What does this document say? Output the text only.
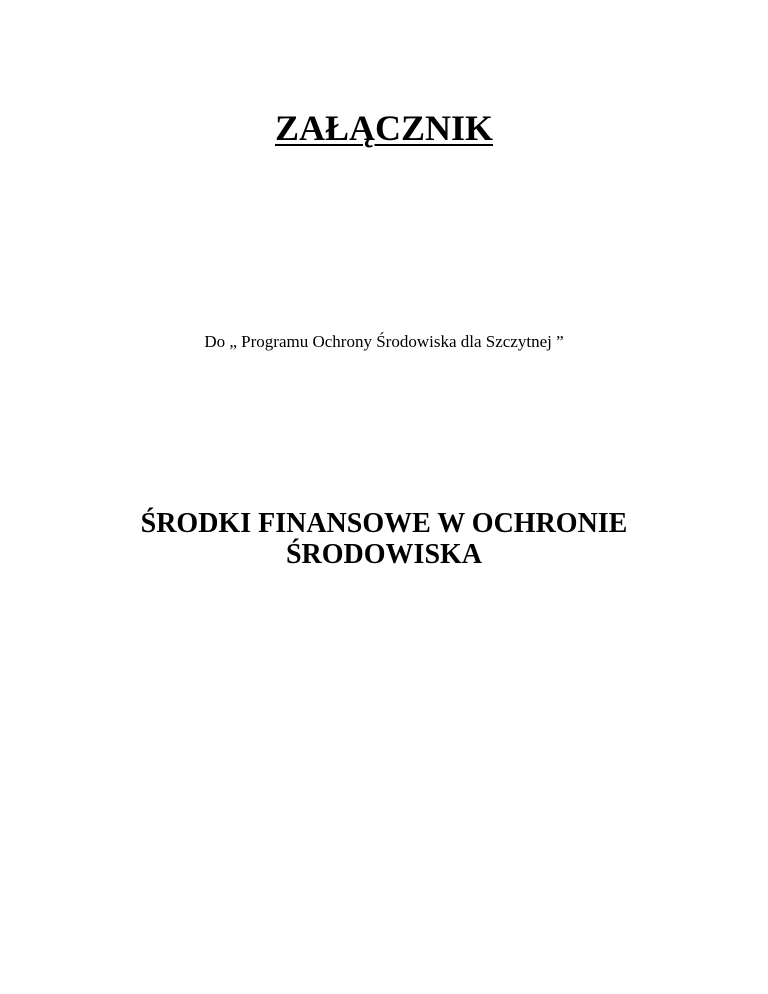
ZAŁĄCZNIK

Do „ Programu Ochrony Środowiska dla Szczytnej ”

ŚRODKI FINANSOWE W OCHRONIE
ŚRODOWISKA
